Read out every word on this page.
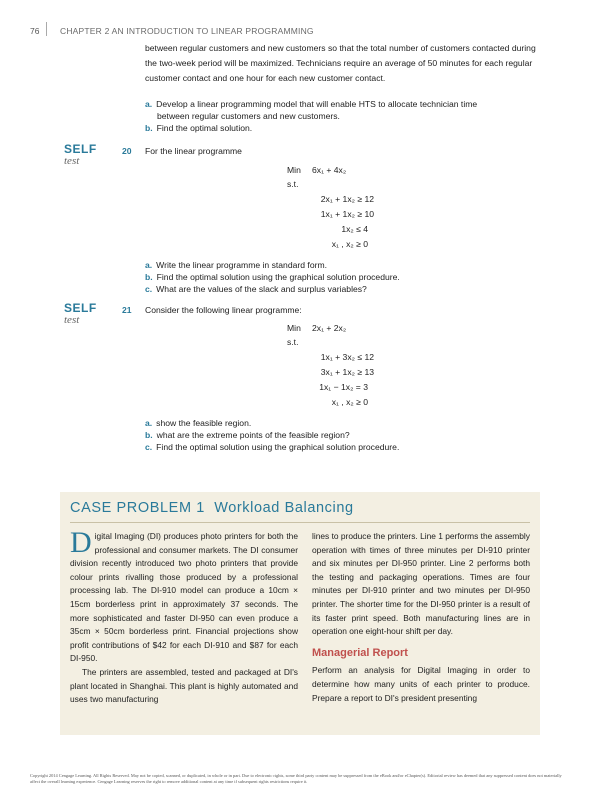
76 CHAPTER 2 AN INTRODUCTION TO LINEAR PROGRAMMING
between regular customers and new customers so that the total number of customers contacted during the two-week period will be maximized. Technicians require an average of 50 minutes for each regular customer contact and one hour for each new customer contact.
a. Develop a linear programming model that will enable HTS to allocate technician time
between regular customers and new customers.
b. Find the optimal solution.
SELF
test
20 For the linear programme
Min 6x₁ + 4x₂
s.t.
2x₁ + 1x₂ ≥ 12
1x₁ + 1x₂ ≥ 10
1x₂ ≤ 4
x₁ , x₂ ≥ 0
a. Write the linear programme in standard form.
b. Find the optimal solution using the graphical solution procedure.
c. What are the values of the slack and surplus variables?
SELF
test
21 Consider the following linear programme:
Min 2x₁ + 2x₂
s.t.
1x₁ + 3x₂ ≤ 12
3x₁ + 1x₂ ≥ 13
1x₁ − 1x₂ = 3
x₁ , x₂ ≥ 0
a. show the feasible region.
b. what are the extreme points of the feasible region?
c. Find the optimal solution using the graphical solution procedure.
CASE PROBLEM 1 Workload Balancing

Digital Imaging (DI) produces photo printers for both the professional and consumer markets. The DI consumer division recently introduced two photo printers that provide colour prints rivalling those produced by a professional processing lab. The DI-910 model can produce a 10cm × 15cm borderless print in approximately 37 seconds. The more sophisticated and faster DI-950 can even produce a 35cm × 50cm borderless print. Financial projections show profit contributions of $42 for each DI-910 and $87 for each DI-950.

The printers are assembled, tested and packaged at DI's plant located in Shanghai. This plant is highly automated and uses two manufacturing

lines to produce the printers. Line 1 performs the assembly operation with times of three minutes per DI-910 printer and six minutes per DI-950 printer. Line 2 performs both the testing and packaging operations. Times are four minutes per DI-910 printer and two minutes per DI-950 printer. The shorter time for the DI-950 printer is a result of its faster print speed. Both manufacturing lines are in operation one eight-hour shift per day.

Managerial Report

Perform an analysis for Digital Imaging in order to determine how many units of each printer to produce. Prepare a report to DI's president presenting

Copyright 2014 Cengage Learning. All Rights Reserved. May not be copied, scanned, or duplicated, in whole or in part. Due to electronic rights, some third party content may be suppressed from the eBook and/or eChapter(s). Editorial review has deemed that any suppressed content does not materially affect the overall learning experience. Cengage Learning reserves the right to remove additional content at any time if subsequent rights restrictions require it.
